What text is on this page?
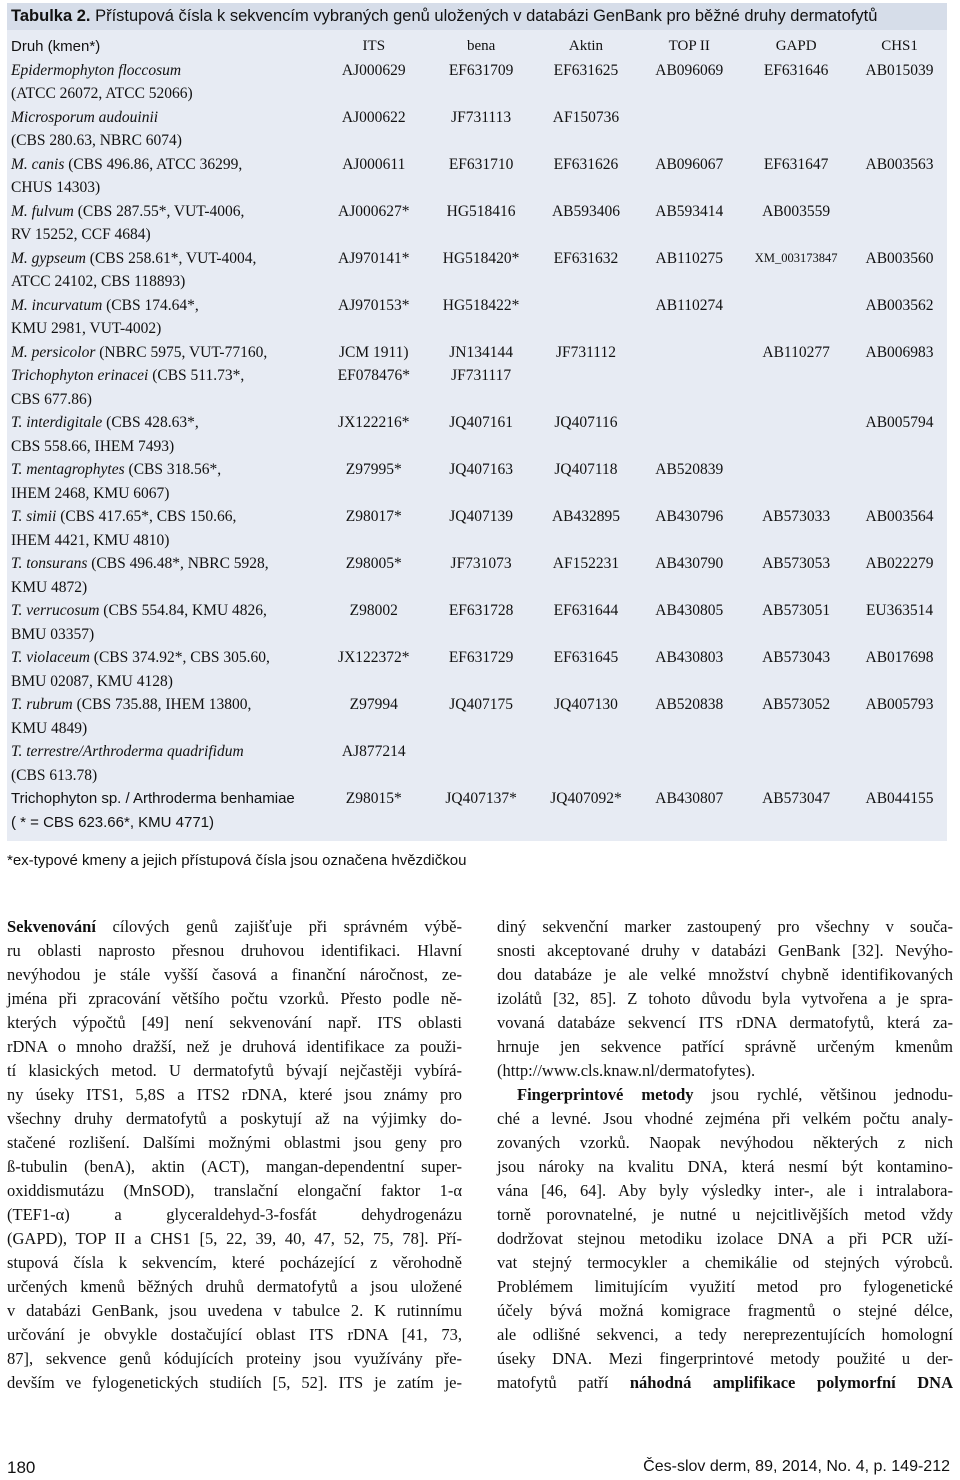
Tabulka 2. Přístupová čísla k sekvencím vybraných genů uložených v databázi GenBank pro běžné druhy dermatofytů
Druh (kmen*)	ITS	bena	Aktin	TOP II	GAPD	CHS1
Epidermophyton floccosum	AJ000629	EF631709	EF631625	AB096069	EF631646	AB015039
(ATCC 26072, ATCC 52066)						
Microsporum audouinii	AJ000622	JF731113	AF150736			
(CBS 280.63, NBRC 6074)						
M. canis (CBS 496.86, ATCC 36299,	AJ000611	EF631710	EF631626	AB096067	EF631647	AB003563
CHUS 14303)						
M. fulvum (CBS 287.55*, VUT-4006,	AJ000627*	HG518416	AB593406	AB593414	AB003559	
RV 15252, CCF 4684)						
M. gypseum (CBS 258.61*, VUT-4004,	AJ970141*	HG518420*	EF631632	AB110275	XM_003173847	AB003560
ATCC 24102, CBS 118893)						
M. incurvatum (CBS 174.64*,	AJ970153*	HG518422*		AB110274		AB003562
KMU 2981, VUT-4002)						
M. persicolor (NBRC 5975, VUT-77160,	JCM 1911)	JN134144	JF731112		AB110277	AB006983
Trichophyton erinacei (CBS 511.73*,	EF078476*	JF731117				
CBS 677.86)						
T. interdigitale (CBS 428.63*,	JX122216*	JQ407161	JQ407116			AB005794
CBS 558.66, IHEM 7493)						
T. mentagrophytes (CBS 318.56*,	Z97995*	JQ407163	JQ407118	AB520839		
IHEM 2468, KMU 6067)						
T. simii (CBS 417.65*, CBS 150.66,	Z98017*	JQ407139	AB432895	AB430796	AB573033	AB003564
IHEM 4421, KMU 4810)						
T. tonsurans (CBS 496.48*, NBRC 5928,	Z98005*	JF731073	AF152231	AB430790	AB573053	AB022279
KMU 4872)						
T. verrucosum (CBS 554.84, KMU 4826,	Z98002	EF631728	EF631644	AB430805	AB573051	EU363514
BMU 03357)						
T. violaceum (CBS 374.92*, CBS 305.60,	JX122372*	EF631729	EF631645	AB430803	AB573043	AB017698
BMU 02087, KMU 4128)						
T. rubrum (CBS 735.88, IHEM 13800,	Z97994	JQ407175	JQ407130	AB520838	AB573052	AB005793
KMU 4849)						
T. terrestre/Arthroderma quadrifidum	AJ877214					
(CBS 613.78)						
Trichophyton sp. / Arthroderma benhamiae	Z98015*	JQ407137*	JQ407092*	AB430807	AB573047	AB044155
( * = CBS 623.66*, KMU 4771)						
*ex-typové kmeny a jejich přístupová čísla jsou označena hvězdičkou
Sekvenování cílových genů zajišťuje při správném výbě-
ru oblasti naprosto přesnou druhovou identifikaci. Hlavní
nevýhodou je stále vyšší časová a finanční náročnost, ze-
jména při zpracování většího počtu vzorků. Přesto podle ně-
kterých výpočtů [49] není sekvenování např. ITS oblasti
rDNA o mnoho dražší, než je druhová identifikace za použi-
tí klasických metod. U dermatofytů bývají nejčastěji vybírá-
ny úseky ITS1, 5,8S a ITS2 rDNA, které jsou známy pro
všechny druhy dermatofytů a poskytují až na výjimky do-
stačené rozlišení. Dalšími možnými oblastmi jsou geny pro
ß-tubulin (benA), aktin (ACT), mangan-dependentní super-
oxiddismutázu (MnSOD), translační elongační faktor 1-α
(TEF1-α) a glyceraldehyd-3-fosfát dehydrogenázu
(GAPD), TOP II a CHS1 [5, 22, 39, 40, 47, 52, 75, 78]. Pří-
stupová čísla k sekvencím, které pocházející z věrohodně
určených kmenů běžných druhů dermatofytů a jsou uložené
v databázi GenBank, jsou uvedena v tabulce 2. K rutinnímu
určování je obvykle dostačující oblast ITS rDNA [41, 73,
87], sekvence genů kódujících proteiny jsou využívány pře-
devším ve fylogenetických studiích [5, 52]. ITS je zatím je-
diný sekvenční marker zastoupený pro všechny v souča-
snosti akceptované druhy v databázi GenBank [32]. Nevýho-
dou databáze je ale velké množství chybně identifikovaných
izolátů [32, 85]. Z tohoto důvodu byla vytvořena a je spra-
vovaná databáze sekvencí ITS rDNA dermatofytů, která za-
hrnuje jen sekvence patřící správně určeným kmenům
(http://www.cls.knaw.nl/dermatofytes).
Fingerprintové metody jsou rychlé, většinou jednodu-
ché a levné. Jsou vhodné zejména při velkém počtu analy-
zovaných vzorků. Naopak nevýhodou některých z nich
jsou nároky na kvalitu DNA, která nesmí být kontamino-
vána [46, 64]. Aby byly výsledky inter-, ale i intralabora-
torně porovnatelné, je nutné u nejcitlivějších metod vždy
dodržovat stejnou metodiku izolace DNA a při PCR uží-
vat stejný termocykler a chemikálie od stejných výrobců.
Problémem limitujícím využití metod pro fylogenetické
účely bývá možná komigrace fragmentů o stejné délce,
ale odlišné sekvenci, a tedy nereprezentujících homologní
úseky DNA. Mezi fingerprintové metody použité u der-
matofytů patří náhodná amplifikace polymorfní DNA
180	Čes-slov derm, 89, 2014, No. 4, p. 149-212
